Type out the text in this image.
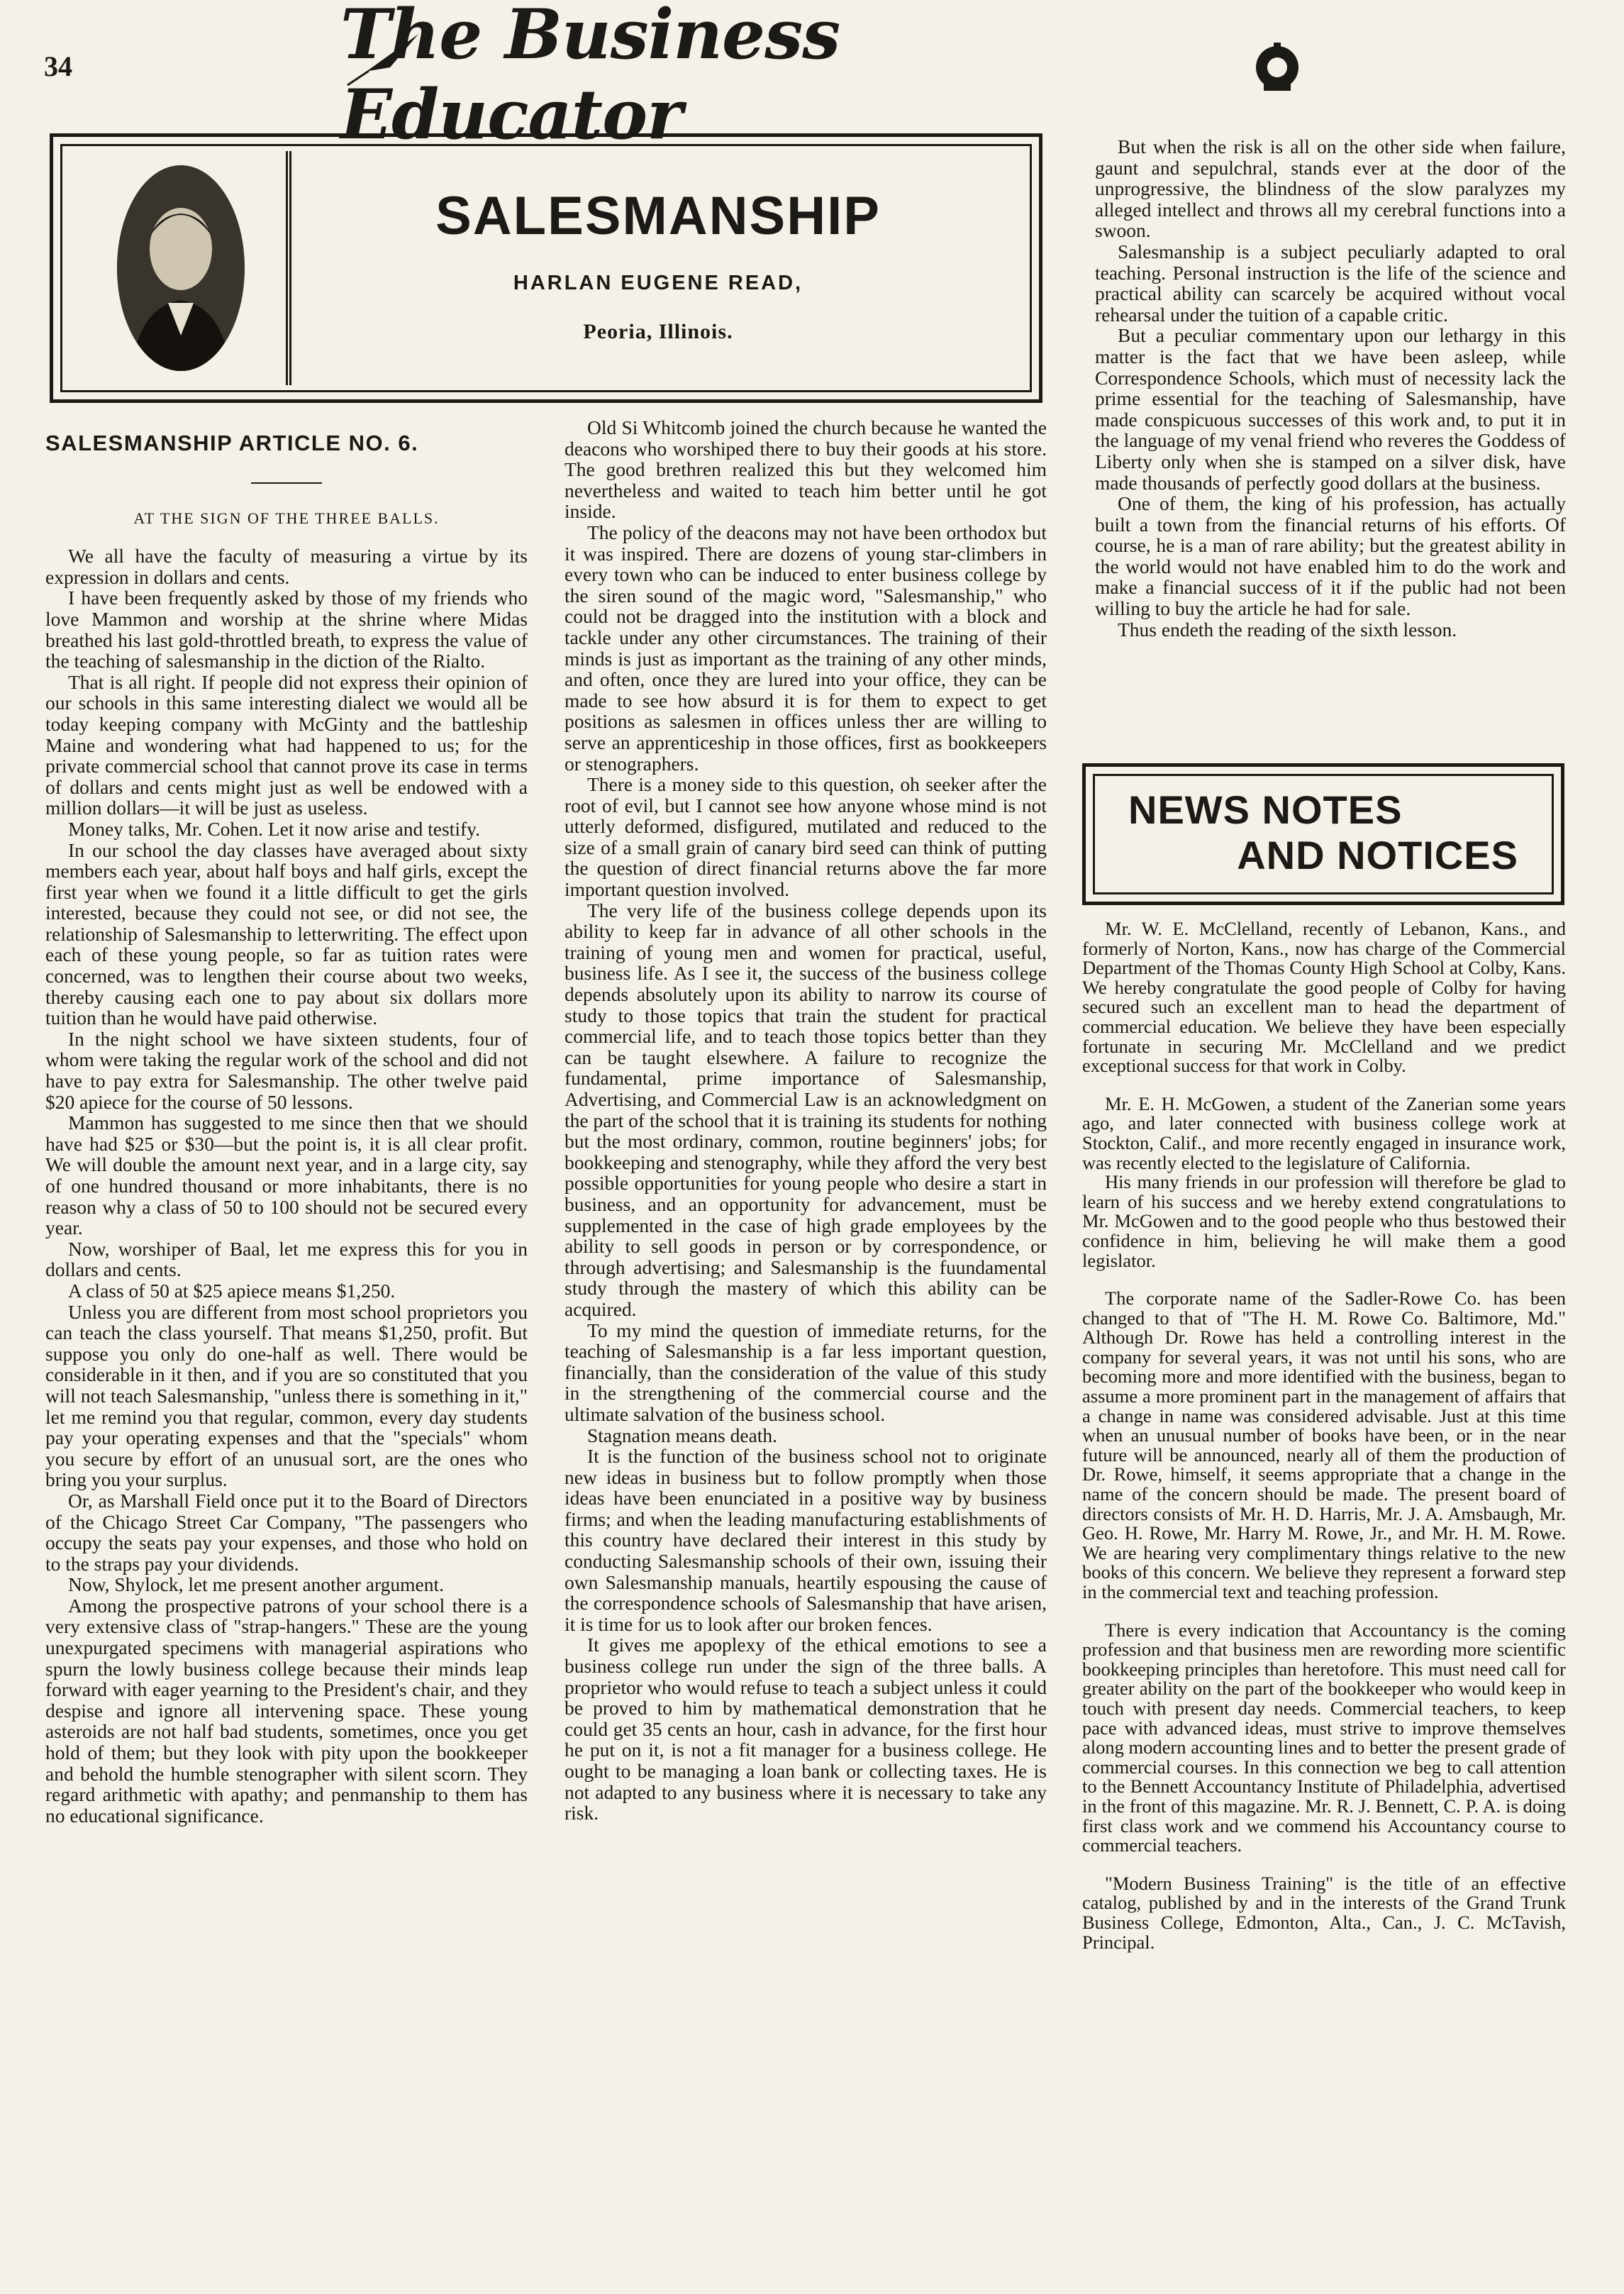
34	The Business Educator
SALESMANSHIP
HARLAN EUGENE READ,
Peoria, Illinois.
SALESMANSHIP ARTICLE NO. 6.
AT THE SIGN OF THE THREE BALLS.

We all have the faculty of measuring a virtue by its expression in dollars and cents.

I have been frequently asked by those of my friends who love Mammon and worship at the shrine where Midas breathed his last gold-throttled breath, to express the value of the teaching of salesmanship in the diction of the Rialto.

That is all right. If people did not express their opinion of our schools in this same interesting dialect we would all be today keeping company with McGinty and the battleship Maine and wondering what had happened to us; for the private commercial school that cannot prove its case in terms of dollars and cents might just as well be endowed with a million dollars—it will be just as useless.

Money talks, Mr. Cohen. Let it now arise and testify.

In our school the day classes have averaged about sixty members each year, about half boys and half girls, except the first year when we found it a little difficult to get the girls interested, because they could not see, or did not see, the relationship of Salesmanship to letterwriting. The effect upon each of these young people, so far as tuition rates were concerned, was to lengthen their course about two weeks, thereby causing each one to pay about six dollars more tuition than he would have paid otherwise.

In the night school we have sixteen students, four of whom were taking the regular work of the school and did not have to pay extra for Salesmanship. The other twelve paid $20 apiece for the course of 50 lessons.

Mammon has suggested to me since then that we should have had $25 or $30—but the point is, it is all clear profit. We will double the amount next year, and in a large city, say of one hundred thousand or more inhabitants, there is no reason why a class of 50 to 100 should not be secured every year.

Now, worshiper of Baal, let me express this for you in dollars and cents.

A class of 50 at $25 apiece means $1,250.

Unless you are different from most school proprietors you can teach the class yourself. That means $1,250, profit. But suppose you only do one-half as well. There would be considerable in it then, and if you are so constituted that you will not teach Salesmanship, "unless there is something in it," let me remind you that regular, common, every day students pay your operating expenses and that the "specials" whom you secure by effort of an unusual sort, are the ones who bring you your surplus.

Or, as Marshall Field once put it to the Board of Directors of the Chicago Street Car Company, "The passengers who occupy the seats pay your expenses, and those who hold on to the straps pay your dividends.

Now, Shylock, let me present another argument.

Among the prospective patrons of your school there is a very extensive class of "strap-hangers." These are the young unexpurgated specimens with managerial aspirations who spurn the lowly business college because their minds leap forward with eager yearning to the President's chair, and they despise and ignore all intervening space. These young asteroids are not half bad students, sometimes, once you get hold of them; but they look with pity upon the bookkeeper and behold the humble stenographer with silent scorn. They regard arithmetic with apathy; and penmanship to them has no educational significance.

Old Si Whitcomb joined the church because he wanted the deacons who worshiped there to buy their goods at his store. The good brethren realized this but they welcomed him nevertheless and waited to teach him better until he got inside.

The policy of the deacons may not have been orthodox but it was inspired. There are dozens of young star-climbers in every town who can be induced to enter business college by the siren sound of the magic word, "Salesmanship," who could not be dragged into the institution with a block and tackle under any other circumstances. The training of their minds is just as important as the training of any other minds, and often, once they are lured into your office, they can be made to see how absurd it is for them to expect to get positions as salesmen in offices unless ther are willing to serve an apprenticeship in those offices, first as bookkeepers or stenographers.

There is a money side to this question, oh seeker after the root of evil, but I cannot see how anyone whose mind is not utterly deformed, disfigured, mutilated and reduced to the size of a small grain of canary bird seed can think of putting the question of direct financial returns above the far more important question involved.

The very life of the business college depends upon its ability to keep far in advance of all other schools in the training of young men and women for practical, useful, business life. As I see it, the success of the business college depends absolutely upon its ability to narrow its course of study to those topics that train the student for practical commercial life, and to teach those topics better than they can be taught elsewhere. A failure to recognize the fundamental, prime importance of Salesmanship, Advertising, and Commercial Law is an acknowledgment on the part of the school that it is training its students for nothing but the most ordinary, common, routine beginners' jobs; for bookkeeping and stenography, while they afford the very best possible opportunities for young people who desire a start in business, and an opportunity for advancement, must be supplemented in the case of high grade employees by the ability to sell goods in person or by correspondence, or through advertising; and Salesmanship is the fuundamental study through the mastery of which this ability can be acquired.

To my mind the question of immediate returns, for the teaching of Salesmanship is a far less important question, financially, than the consideration of the value of this study in the strengthening of the commercial course and the ultimate salvation of the business school.

Stagnation means death.

It is the function of the business school not to originate new ideas in business but to follow promptly when those ideas have been enunciated in a positive way by business firms; and when the leading manufacturing establishments of this country have declared their interest in this study by conducting Salesmanship schools of their own, issuing their own Salesmanship manuals, heartily espousing the cause of the correspondence schools of Salesmanship that have arisen, it is time for us to look after our broken fences.

It gives me apoplexy of the ethical emotions to see a business college run under the sign of the three balls. A proprietor who would refuse to teach a subject unless it could be proved to him by mathematical demonstration that he could get 35 cents an hour, cash in advance, for the first hour he put on it, is not a fit manager for a business college. He ought to be managing a loan bank or collecting taxes. He is not adapted to any business where it is necessary to take any risk.

But when the risk is all on the other side when failure, gaunt and sepulchral, stands ever at the door of the unprogressive, the blindness of the slow paralyzes my alleged intellect and throws all my cerebral functions into a swoon.

Salesmanship is a subject peculiarly adapted to oral teaching. Personal instruction is the life of the science and practical ability can scarcely be acquired without vocal rehearsal under the tuition of a capable critic.

But a peculiar commentary upon our lethargy in this matter is the fact that we have been asleep, while Correspondence Schools, which must of necessity lack the prime essential for the teaching of Salesmanship, have made conspicuous successes of this work and, to put it in the language of my venal friend who reveres the Goddess of Liberty only when she is stamped on a silver disk, have made thousands of perfectly good dollars at the business.

One of them, the king of his profession, has actually built a town from the financial returns of his efforts. Of course, he is a man of rare ability; but the greatest ability in the world would not have enabled him to do the work and make a financial success of it if the public had not been willing to buy the article he had for sale.

Thus endeth the reading of the sixth lesson.

NEWS NOTES
AND NOTICES

Mr. W. E. McClelland, recently of Lebanon, Kans., and formerly of Norton, Kans., now has charge of the Commercial Department of the Thomas County High School at Colby, Kans. We hereby congratulate the good people of Colby for having secured such an excellent man to head the department of commercial education. We believe they have been especially fortunate in securing Mr. McClelland and we predict exceptional success for that work in Colby.

Mr. E. H. McGowen, a student of the Zanerian some years ago, and later connected with business college work at Stockton, Calif., and more recently engaged in insurance work, was recently elected to the legislature of California.

His many friends in our profession will therefore be glad to learn of his success and we hereby extend congratulations to Mr. McGowen and to the good people who thus bestowed their confidence in him, believing he will make them a good legislator.

The corporate name of the Sadler-Rowe Co. has been changed to that of "The H. M. Rowe Co. Baltimore, Md." Although Dr. Rowe has held a controlling interest in the company for several years, it was not until his sons, who are becoming more and more identified with the business, began to assume a more prominent part in the management of affairs that a change in name was considered advisable. Just at this time when an unusual number of books have been, or in the near future will be announced, nearly all of them the production of Dr. Rowe, himself, it seems appropriate that a change in the name of the concern should be made. The present board of directors consists of Mr. H. D. Harris, Mr. J. A. Amsbaugh, Mr. Geo. H. Rowe, Mr. Harry M. Rowe, Jr., and Mr. H. M. Rowe. We are hearing very complimentary things relative to the new books of this concern. We believe they represent a forward step in the commercial text and teaching profession.

There is every indication that Accountancy is the coming profession and that business men are rewording more scientific bookkeeping principles than heretofore. This must need call for greater ability on the part of the bookkeeper who would keep in touch with present day needs. Commercial teachers, to keep pace with advanced ideas, must strive to improve themselves along modern accounting lines and to better the present grade of commercial courses. In this connection we beg to call attention to the Bennett Accountancy Institute of Philadelphia, advertised in the front of this magazine. Mr. R. J. Bennett, C. P. A. is doing first class work and we commend his Accountancy course to commercial teachers.

"Modern Business Training" is the title of an effective catalog, published by and in the interests of the Grand Trunk Business College, Edmonton, Alta., Can., J. C. McTavish, Principal.
